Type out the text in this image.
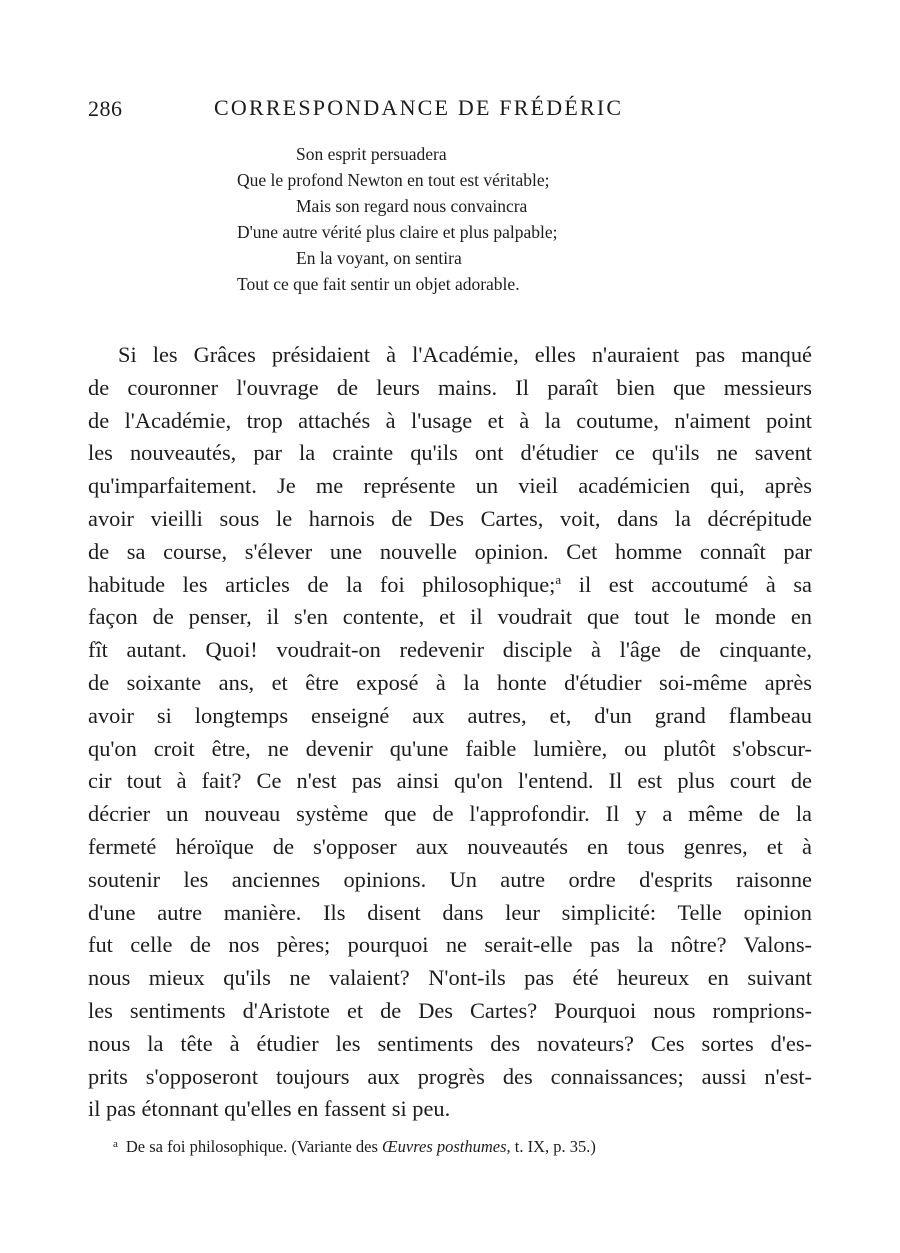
286	CORRESPONDANCE DE FRÉDÉRIC
Son esprit persuadera
Que le profond Newton en tout est véritable;
Mais son regard nous convaincra
D'une autre vérité plus claire et plus palpable;
En la voyant, on sentira
Tout ce que fait sentir un objet adorable.
Si les Grâces présidaient à l'Académie, elles n'auraient pas manqué
de couronner l'ouvrage de leurs mains. Il paraît bien que messieurs
de l'Académie, trop attachés à l'usage et à la coutume, n'aiment point
les nouveautés, par la crainte qu'ils ont d'étudier ce qu'ils ne savent
qu'imparfaitement. Je me représente un vieil académicien qui, après
avoir vieilli sous le harnois de Des Cartes, voit, dans la décrépitude
de sa course, s'élever une nouvelle opinion. Cet homme connaît par
habitude les articles de la foi philosophique;$^a$ il est accoutumé à sa
façon de penser, il s'en contente, et il voudrait que tout le monde en
fît autant. Quoi! voudrait-on redevenir disciple à l'âge de cinquante,
de soixante ans, et être exposé à la honte d'étudier soi-même après
avoir si longtemps enseigné aux autres, et, d'un grand flambeau
qu'on croit être, ne devenir qu'une faible lumière, ou plutôt s'obscur-
cir tout à fait? Ce n'est pas ainsi qu'on l'entend. Il est plus court de
décrier un nouveau système que de l'approfondir. Il y a même de la
fermeté héroïque de s'opposer aux nouveautés en tous genres, et à
soutenir les anciennes opinions. Un autre ordre d'esprits raisonne
d'une autre manière. Ils disent dans leur simplicité: Telle opinion
fut celle de nos pères; pourquoi ne serait-elle pas la nôtre? Valons-
nous mieux qu'ils ne valaient? N'ont-ils pas été heureux en suivant
les sentiments d'Aristote et de Des Cartes? Pourquoi nous romprions-
nous la tête à étudier les sentiments des novateurs? Ces sortes d'es-
prits s'opposeront toujours aux progrès des connaissances; aussi n'est-
il pas étonnant qu'elles en fassent si peu.
$^a$ De sa foi philosophique. (Variante des Œuvres posthumes, t. IX, p. 35.)
